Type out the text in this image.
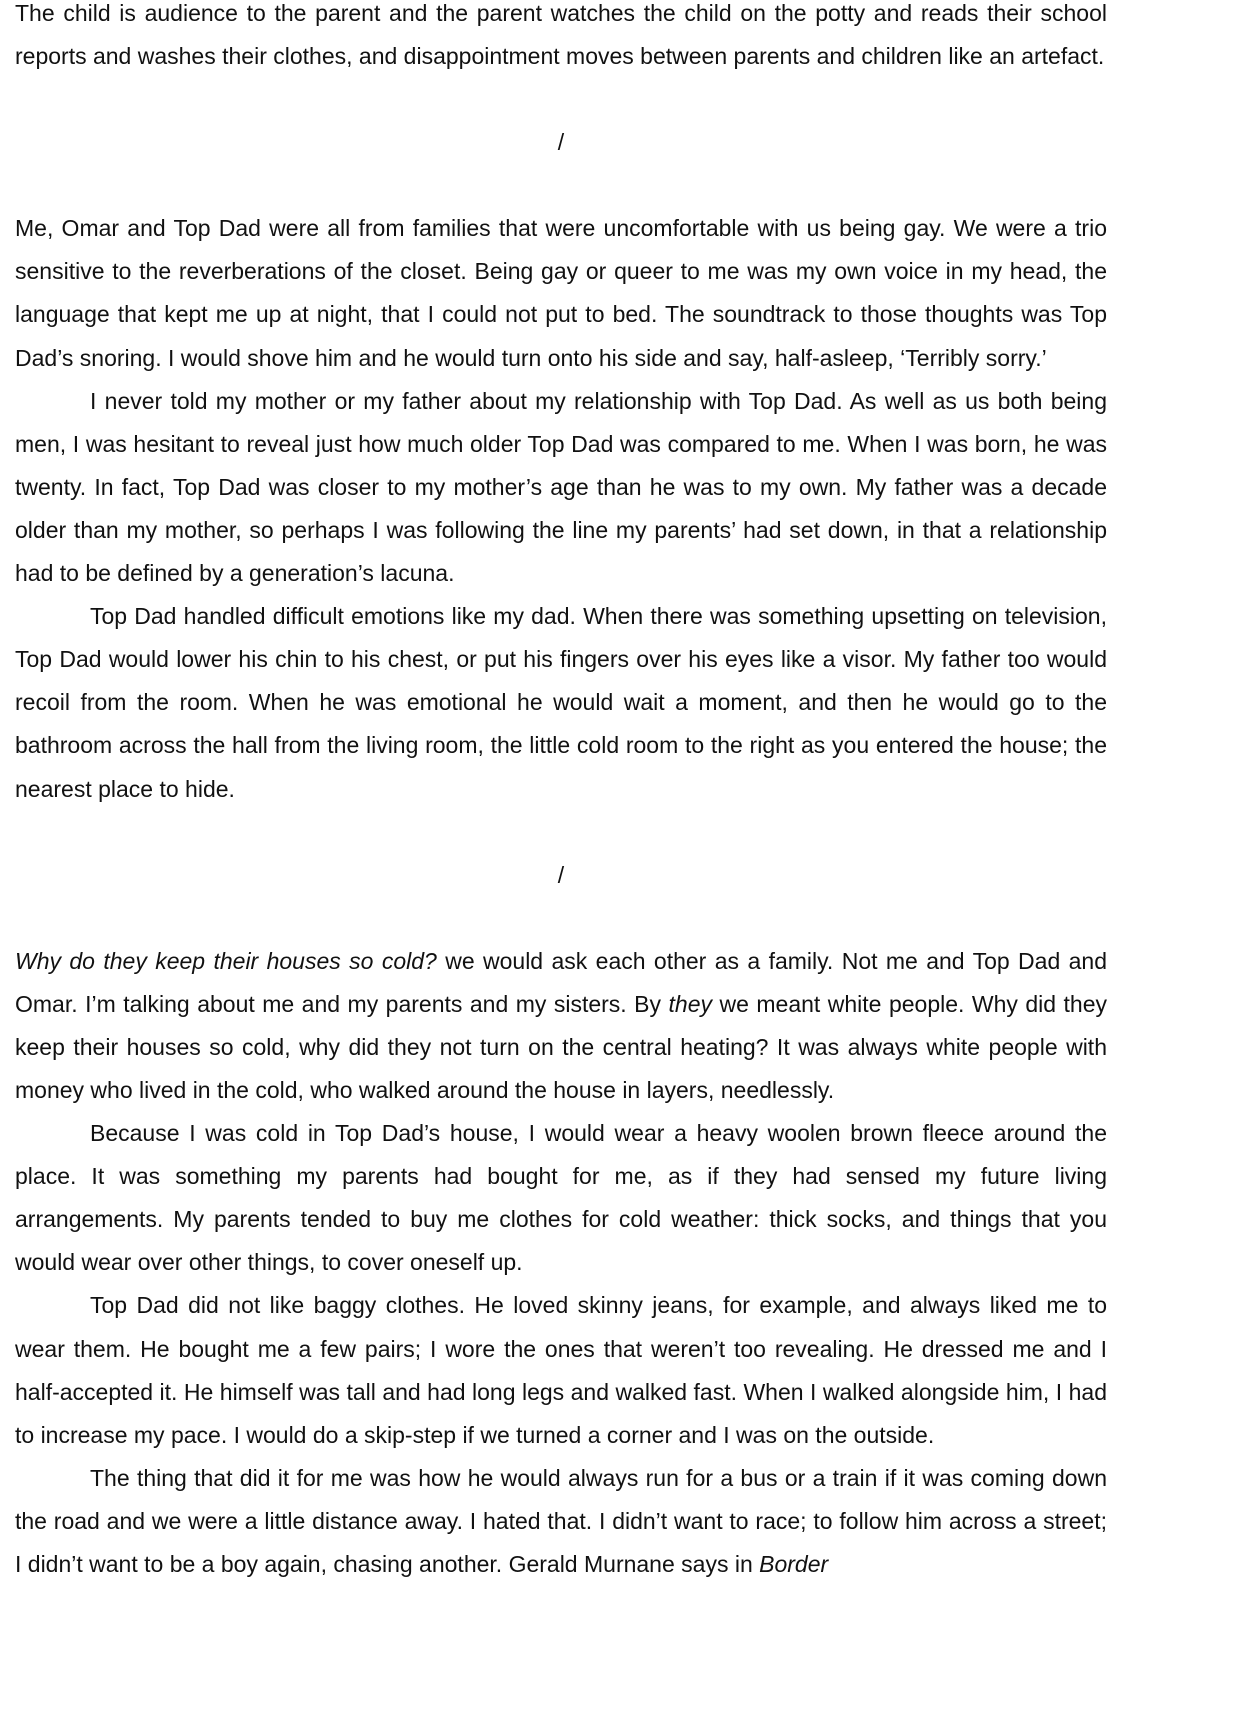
The child is audience to the parent and the parent watches the child on the potty and reads their school reports and washes their clothes, and disappointment moves between parents and children like an artefact.

/

Me, Omar and Top Dad were all from families that were uncomfortable with us being gay. We were a trio sensitive to the reverberations of the closet. Being gay or queer to me was my own voice in my head, the language that kept me up at night, that I could not put to bed. The soundtrack to those thoughts was Top Dad’s snoring. I would shove him and he would turn onto his side and say, half-asleep, ‘Terribly sorry.’

I never told my mother or my father about my relationship with Top Dad. As well as us both being men, I was hesitant to reveal just how much older Top Dad was compared to me. When I was born, he was twenty. In fact, Top Dad was closer to my mother’s age than he was to my own. My father was a decade older than my mother, so perhaps I was following the line my parents’ had set down, in that a relationship had to be defined by a generation’s lacuna.

Top Dad handled difficult emotions like my dad. When there was something upsetting on television, Top Dad would lower his chin to his chest, or put his fingers over his eyes like a visor. My father too would recoil from the room. When he was emotional he would wait a moment, and then he would go to the bathroom across the hall from the living room, the little cold room to the right as you entered the house; the nearest place to hide.

/

Why do they keep their houses so cold? we would ask each other as a family. Not me and Top Dad and Omar. I’m talking about me and my parents and my sisters. By they we meant white people. Why did they keep their houses so cold, why did they not turn on the central heating? It was always white people with money who lived in the cold, who walked around the house in layers, needlessly.

Because I was cold in Top Dad’s house, I would wear a heavy woolen brown fleece around the place. It was something my parents had bought for me, as if they had sensed my future living arrangements. My parents tended to buy me clothes for cold weather: thick socks, and things that you would wear over other things, to cover oneself up.

Top Dad did not like baggy clothes. He loved skinny jeans, for example, and always liked me to wear them. He bought me a few pairs; I wore the ones that weren’t too revealing. He dressed me and I half-accepted it. He himself was tall and had long legs and walked fast. When I walked alongside him, I had to increase my pace. I would do a skip-step if we turned a corner and I was on the outside.

The thing that did it for me was how he would always run for a bus or a train if it was coming down the road and we were a little distance away. I hated that. I didn’t want to race; to follow him across a street; I didn’t want to be a boy again, chasing another. Gerald Murnane says in Border
